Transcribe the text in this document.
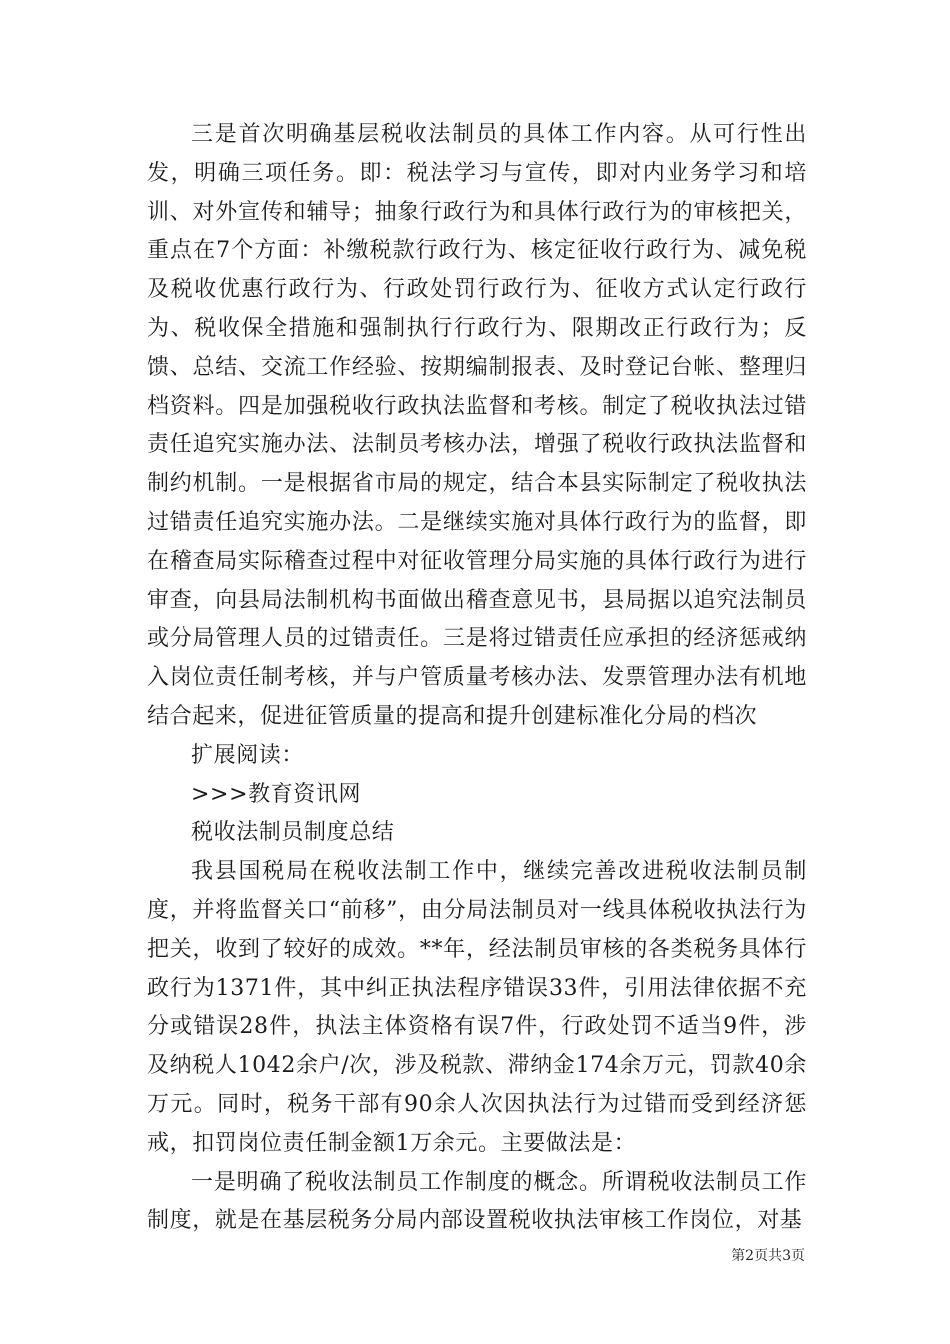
三是首次明确基层税收法制员的具体工作内容。从可行性出发，明确三项任务。即：税法学习与宣传，即对内业务学习和培训、对外宣传和辅导；抽象行政行为和具体行政行为的审核把关，重点在7个方面：补缴税款行政行为、核定征收行政行为、减免税及税收优惠行政行为、行政处罚行政行为、征收方式认定行政行为、税收保全措施和强制执行行政行为、限期改正行政行为；反馈、总结、交流工作经验、按期编制报表、及时登记台帐、整理归档资料。四是加强税收行政执法监督和考核。制定了税收执法过错责任追究实施办法、法制员考核办法，增强了税收行政执法监督和制约机制。一是根据省市局的规定，结合本县实际制定了税收执法过错责任追究实施办法。二是继续实施对具体行政行为的监督，即在稽查局实际稽查过程中对征收管理分局实施的具体行政行为进行审查，向县局法制机构书面做出稽查意见书，县局据以追究法制员或分局管理人员的过错责任。三是将过错责任应承担的经济惩戒纳入岗位责任制考核，并与户管质量考核办法、发票管理办法有机地结合起来，促进征管质量的提高和提升创建标准化分局的档次

扩展阅读：

>>>教育资讯网

税收法制员制度总结

我县国税局在税收法制工作中，继续完善改进税收法制员制度，并将监督关口“前移”，由分局法制员对一线具体税收执法行为把关，收到了较好的成效。**年，经法制员审核的各类税务具体行政行为1371件，其中纠正执法程序错误33件，引用法律依据不充分或错误28件，执法主体资格有误7件，行政处罚不适当9件，涉及纳税人1042余户/次，涉及税款、滞纳金174余万元，罚款40余万元。同时，税务干部有90余人次因执法行为过错而受到经济惩戒，扣罚岗位责任制金额1万余元。主要做法是：

一是明确了税收法制员工作制度的概念。所谓税收法制员工作制度，就是在基层税务分局内部设置税收执法审核工作岗位，对基

第2页共3页
